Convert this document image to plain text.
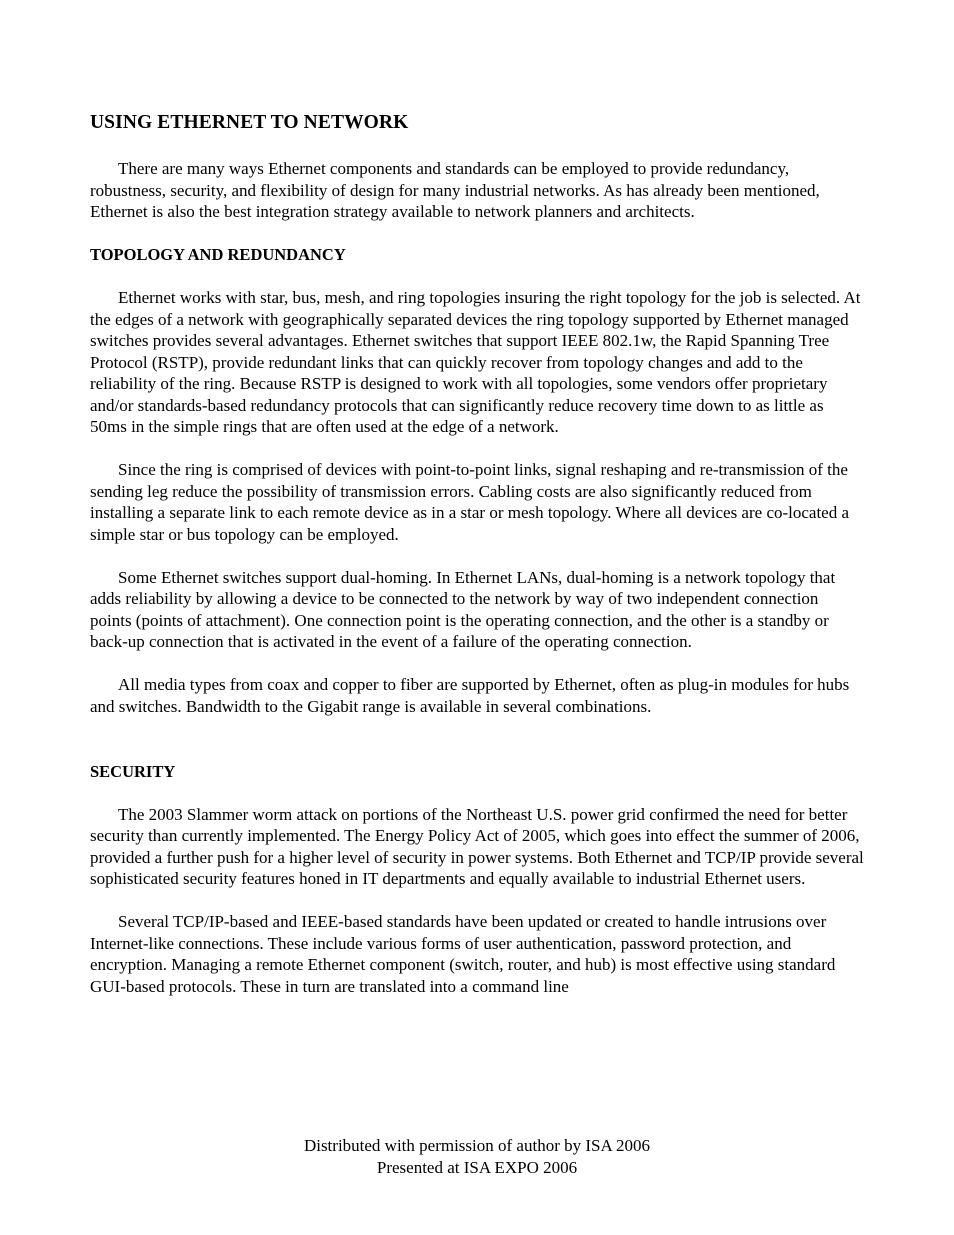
USING ETHERNET TO NETWORK

There are many ways Ethernet components and standards can be employed to provide redundancy, robustness, security, and flexibility of design for many industrial networks. As has already been mentioned, Ethernet is also the best integration strategy available to network planners and architects.

TOPOLOGY AND REDUNDANCY

Ethernet works with star, bus, mesh, and ring topologies insuring the right topology for the job is selected. At the edges of a network with geographically separated devices the ring topology supported by Ethernet managed switches provides several advantages. Ethernet switches that support IEEE 802.1w, the Rapid Spanning Tree Protocol (RSTP), provide redundant links that can quickly recover from topology changes and add to the reliability of the ring. Because RSTP is designed to work with all topologies, some vendors offer proprietary and/or standards-based redundancy protocols that can significantly reduce recovery time down to as little as 50ms in the simple rings that are often used at the edge of a network.

Since the ring is comprised of devices with point-to-point links, signal reshaping and re-transmission of the sending leg reduce the possibility of transmission errors. Cabling costs are also significantly reduced from installing a separate link to each remote device as in a star or mesh topology. Where all devices are co-located a simple star or bus topology can be employed.

Some Ethernet switches support dual-homing. In Ethernet LANs, dual-homing is a network topology that adds reliability by allowing a device to be connected to the network by way of two independent connection points (points of attachment). One connection point is the operating connection, and the other is a standby or back-up connection that is activated in the event of a failure of the operating connection.

All media types from coax and copper to fiber are supported by Ethernet, often as plug-in modules for hubs and switches. Bandwidth to the Gigabit range is available in several combinations.

SECURITY

The 2003 Slammer worm attack on portions of the Northeast U.S. power grid confirmed the need for better security than currently implemented. The Energy Policy Act of 2005, which goes into effect the summer of 2006, provided a further push for a higher level of security in power systems. Both Ethernet and TCP/IP provide several sophisticated security features honed in IT departments and equally available to industrial Ethernet users.

Several TCP/IP-based and IEEE-based standards have been updated or created to handle intrusions over Internet-like connections. These include various forms of user authentication, password protection, and encryption. Managing a remote Ethernet component (switch, router, and hub) is most effective using standard GUI-based protocols. These in turn are translated into a command line

Distributed with permission of author by ISA 2006
Presented at ISA EXPO 2006
